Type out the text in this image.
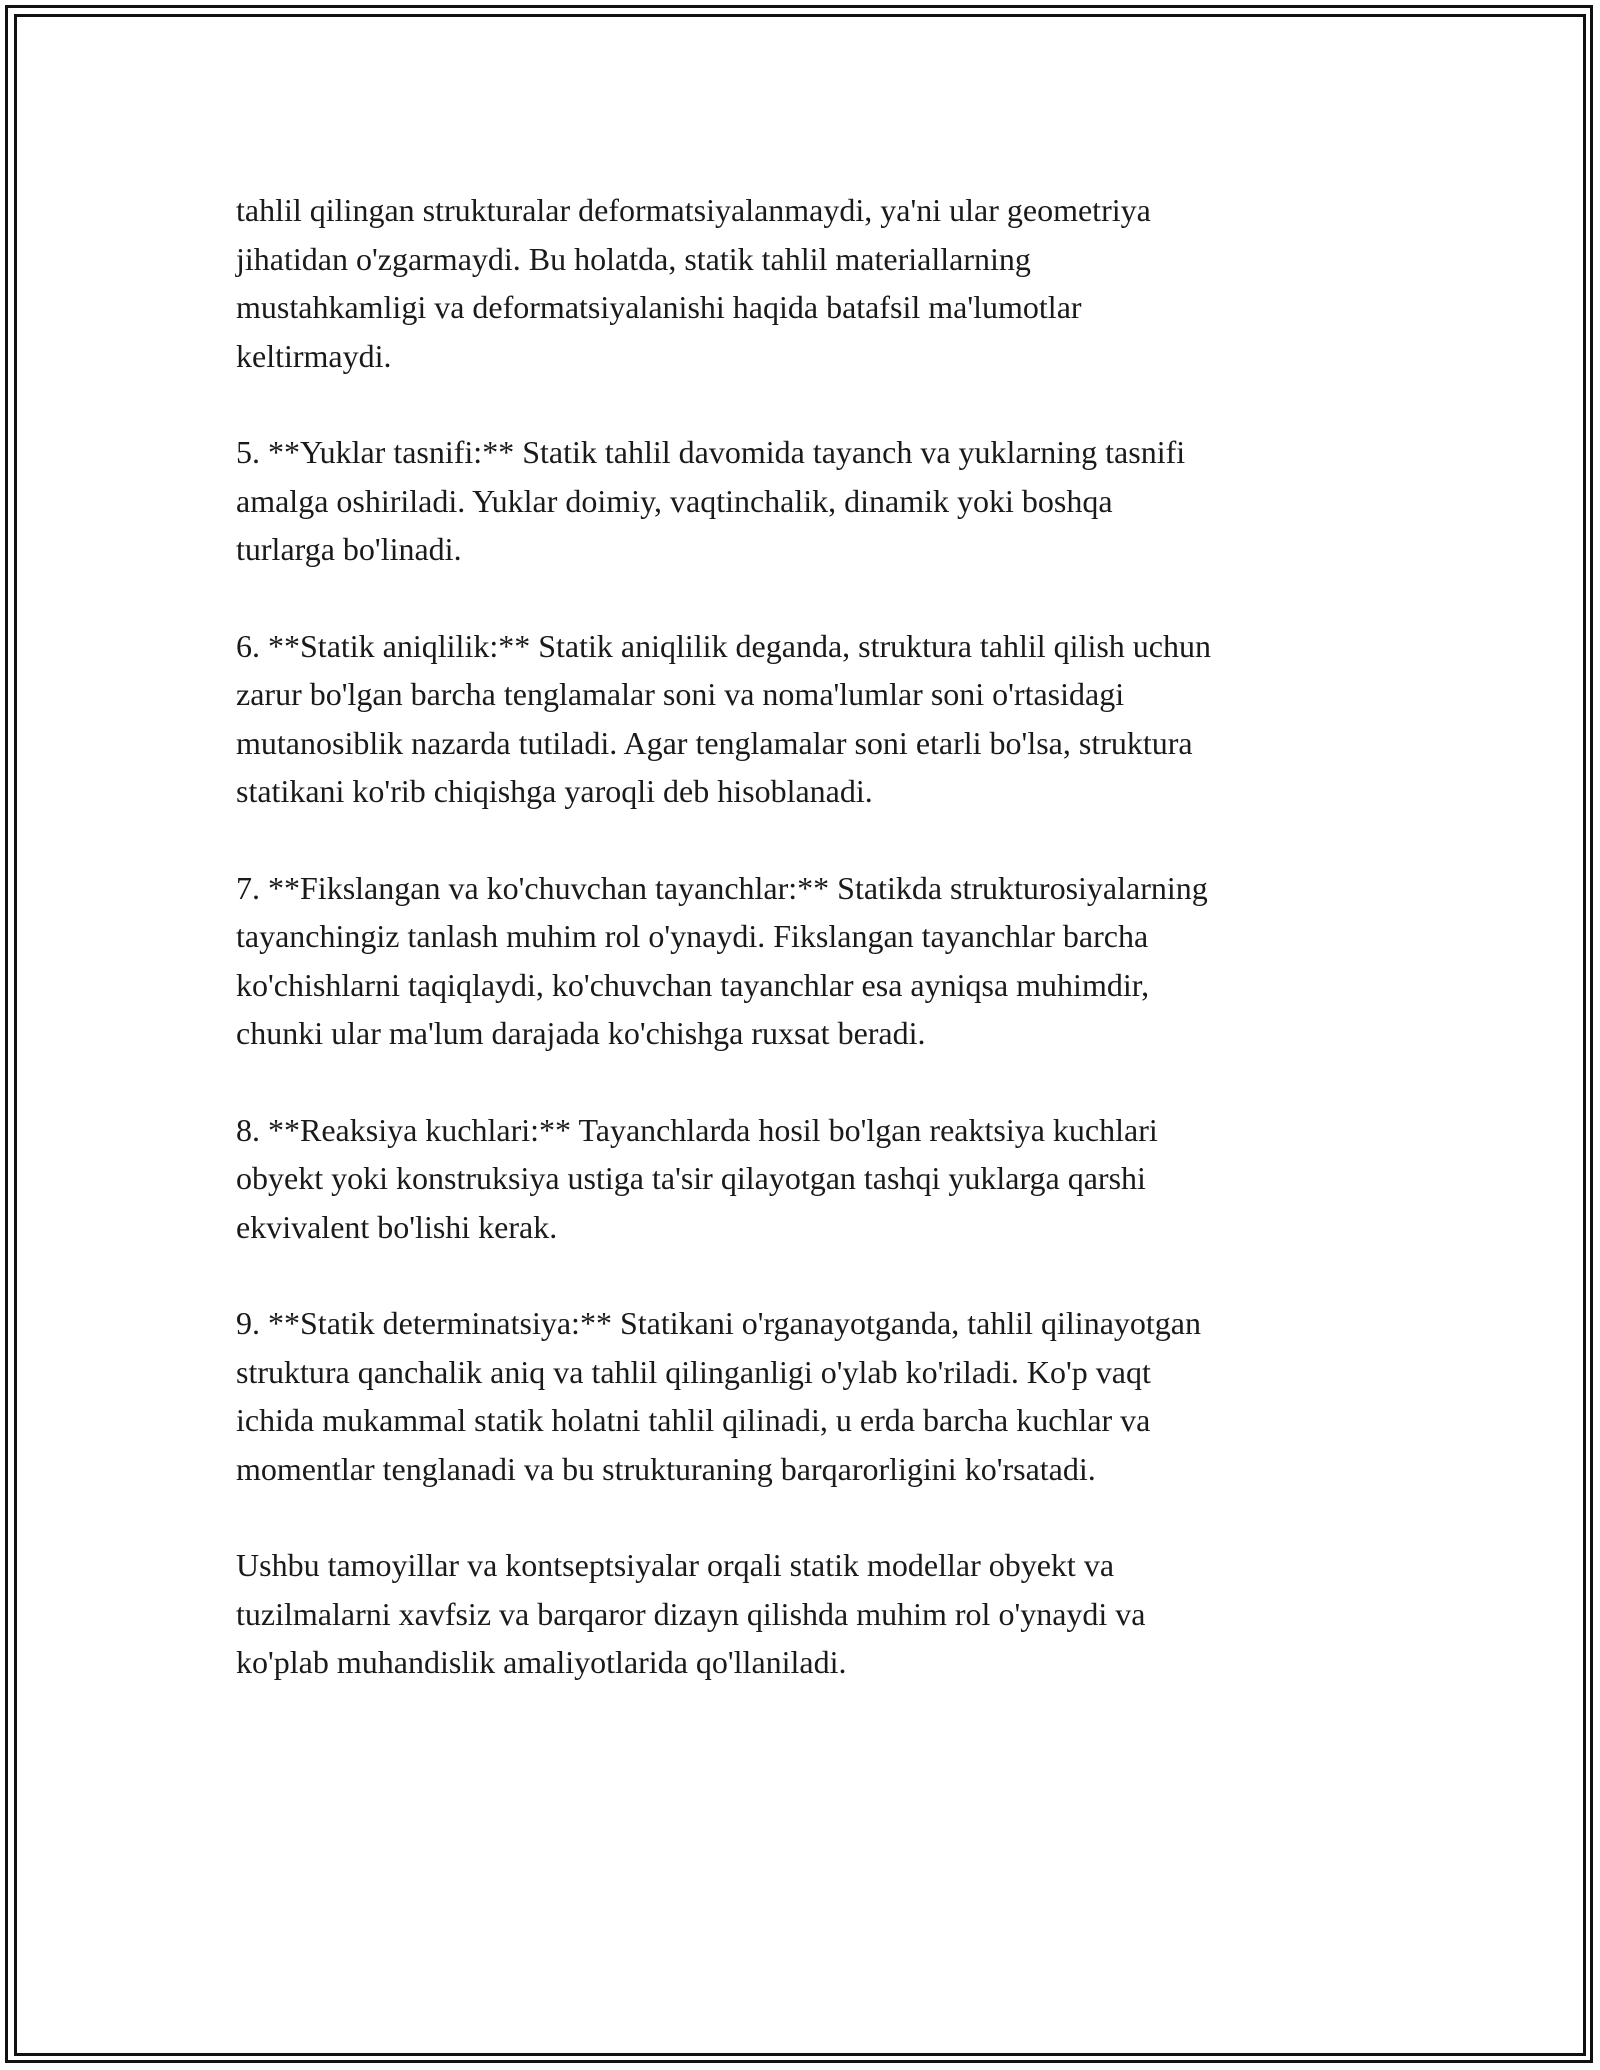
tahlil qilingan strukturalar deformatsiyalanmaydi, ya'ni ular geometriya
jihatidan o'zgarmaydi. Bu holatda, statik tahlil materiallarning
mustahkamligi va deformatsiyalanishi haqida batafsil ma'lumotlar
keltirmaydi.

5. **Yuklar tasnifi:** Statik tahlil davomida tayanch va yuklarning tasnifi
amalga oshiriladi. Yuklar doimiy, vaqtinchalik, dinamik yoki boshqa
turlarga bo'linadi.

6. **Statik aniqlilik:** Statik aniqlilik deganda, struktura tahlil qilish uchun
zarur bo'lgan barcha tenglamalar soni va noma'lumlar soni o'rtasidagi
mutanosiblik nazarda tutiladi. Agar tenglamalar soni etarli bo'lsa, struktura
statikani ko'rib chiqishga yaroqli deb hisoblanadi.

7. **Fikslangan va ko'chuvchan tayanchlar:** Statikda strukturosiyalarning
tayanchingiz tanlash muhim rol o'ynaydi. Fikslangan tayanchlar barcha
ko'chishlarni taqiqlaydi, ko'chuvchan tayanchlar esa ayniqsa muhimdir,
chunki ular ma'lum darajada ko'chishga ruxsat beradi.

8. **Reaksiya kuchlari:** Tayanchlarda hosil bo'lgan reaktsiya kuchlari
obyekt yoki konstruksiya ustiga ta'sir qilayotgan tashqi yuklarga qarshi
ekvivalent bo'lishi kerak.

9. **Statik determinatsiya:** Statikani o'rganayotganda, tahlil qilinayotgan
struktura qanchalik aniq va tahlil qilinganligi o'ylab ko'riladi. Ko'p vaqt
ichida mukammal statik holatni tahlil qilinadi, u erda barcha kuchlar va
momentlar tenglanadi va bu strukturaning barqarorligini ko'rsatadi.

Ushbu tamoyillar va kontseptsiyalar orqali statik modellar obyekt va
tuzilmalarni xavfsiz va barqaror dizayn qilishda muhim rol o'ynaydi va
ko'plab muhandislik amaliyotlarida qo'llaniladi.
